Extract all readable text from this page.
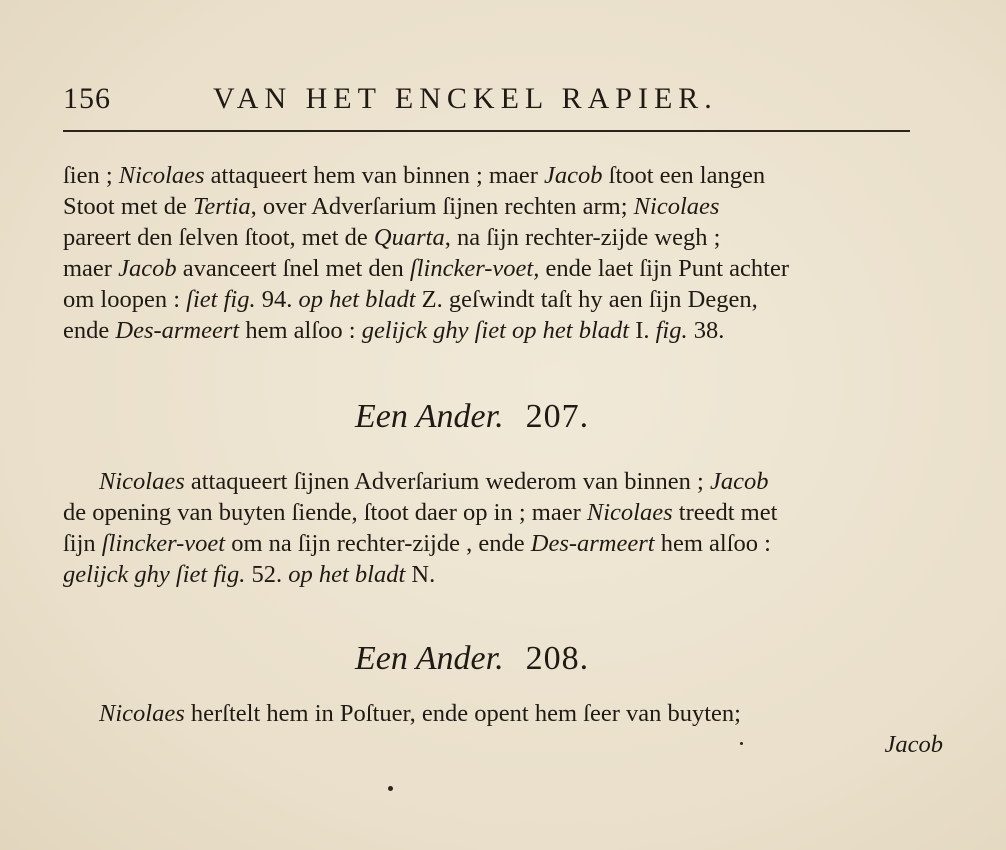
156	VAN HET ENCKEL RAPIER.
ſien ; Nicolaes attaqueert hem van binnen ; maer Jacob ſtoot een langen
Stoot met de Tertia, over Adverſarium ſijnen rechten arm; Nicolaes
pareert den ſelven ſtoot, met de Quarta, na ſijn rechter-zijde wegh ;
maer Jacob avanceert ſnel met den ſlincker-voet, ende laet ſijn Punt achter
om loopen : ſiet fig. 94. op het bladt Z. geſwindt taſt hy aen ſijn Degen,
ende Des-armeert hem alſoo : gelijck ghy ſiet op het bladt I. fig. 38.
Een Ander. 207.
Nicolaes attaqueert ſijnen Adverſarium wederom van binnen ; Jacob
de opening van buyten ſiende, ſtoot daer op in ; maer Nicolaes treedt met
ſijn ſlincker-voet om na ſijn rechter-zijde , ende Des-armeert hem alſoo :
gelijck ghy ſiet fig. 52. op het bladt N.
Een Ander. 208.
Nicolaes herſtelt hem in Poſtuer, ende opent hem ſeer van buyten;
Jacob
